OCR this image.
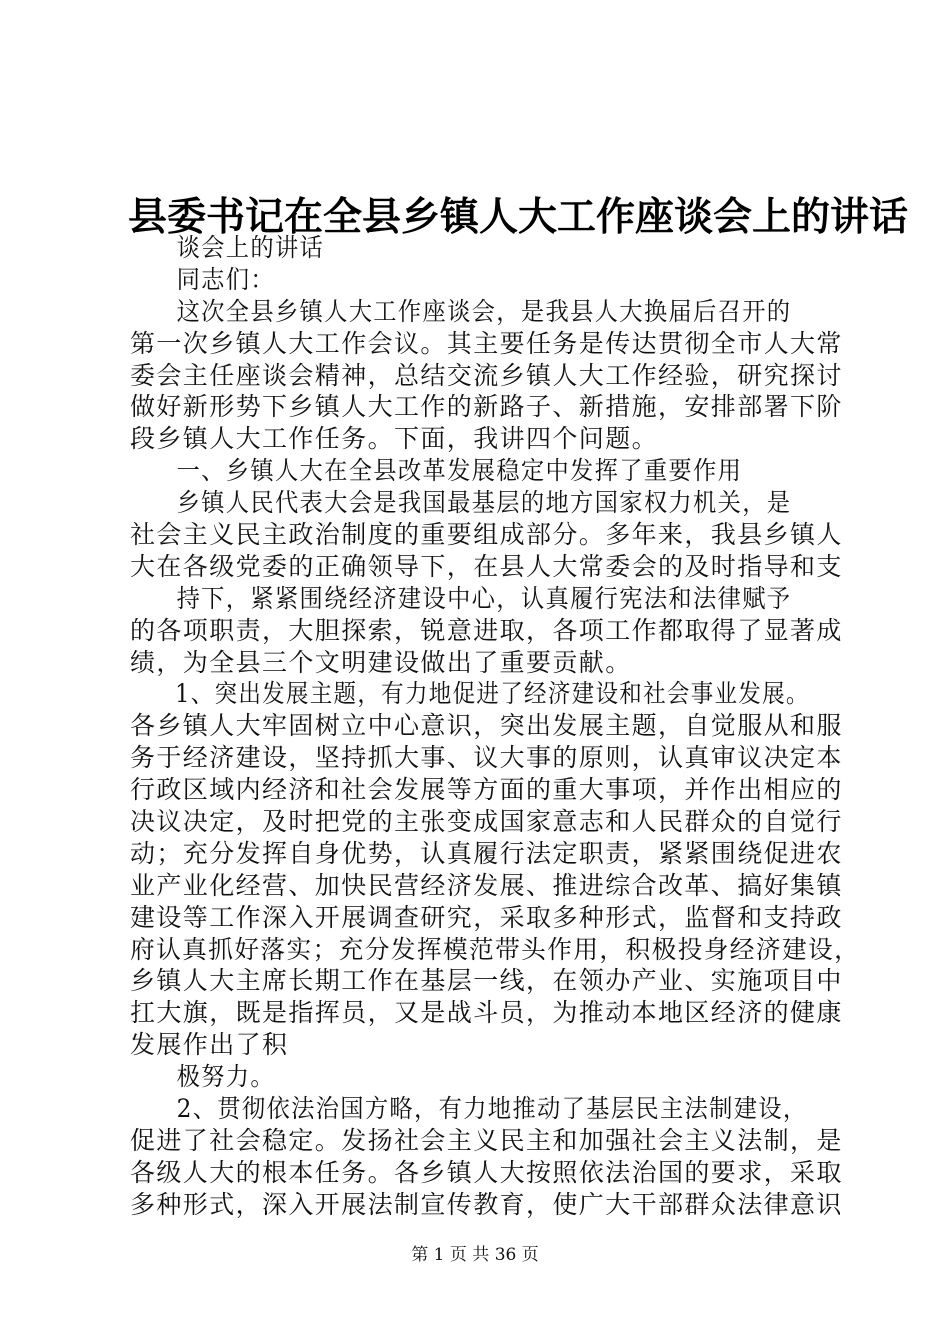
县委书记在全县乡镇人大工作座谈会上的讲话
谈会上的讲话
同志们：
这次全县乡镇人大工作座谈会，是我县人大换届后召开的
第一次乡镇人大工作会议。其主要任务是传达贯彻全市人大常
委会主任座谈会精神，总结交流乡镇人大工作经验，研究探讨
做好新形势下乡镇人大工作的新路子、新措施，安排部署下阶
段乡镇人大工作任务。下面，我讲四个问题。
一、乡镇人大在全县改革发展稳定中发挥了重要作用
乡镇人民代表大会是我国最基层的地方国家权力机关，是
社会主义民主政治制度的重要组成部分。多年来，我县乡镇人
大在各级党委的正确领导下，在县人大常委会的及时指导和支
持下，紧紧围绕经济建设中心，认真履行宪法和法律赋予
的各项职责，大胆探索，锐意进取，各项工作都取得了显著成
绩，为全县三个文明建设做出了重要贡献。
1、突出发展主题，有力地促进了经济建设和社会事业发展。
各乡镇人大牢固树立中心意识，突出发展主题，自觉服从和服
务于经济建设，坚持抓大事、议大事的原则，认真审议决定本
行政区域内经济和社会发展等方面的重大事项，并作出相应的
决议决定，及时把党的主张变成国家意志和人民群众的自觉行
动；充分发挥自身优势，认真履行法定职责，紧紧围绕促进农
业产业化经营、加快民营经济发展、推进综合改革、搞好集镇
建设等工作深入开展调查研究，采取多种形式，监督和支持政
府认真抓好落实；充分发挥模范带头作用，积极投身经济建设，
乡镇人大主席长期工作在基层一线，在领办产业、实施项目中
扛大旗，既是指挥员，又是战斗员，为推动本地区经济的健康
发展作出了积
极努力。
2、贯彻依法治国方略，有力地推动了基层民主法制建设，
促进了社会稳定。发扬社会主义民主和加强社会主义法制，是
各级人大的根本任务。各乡镇人大按照依法治国的要求，采取
多种形式，深入开展法制宣传教育，使广大干部群众法律意识
第 1 页 共 36 页
